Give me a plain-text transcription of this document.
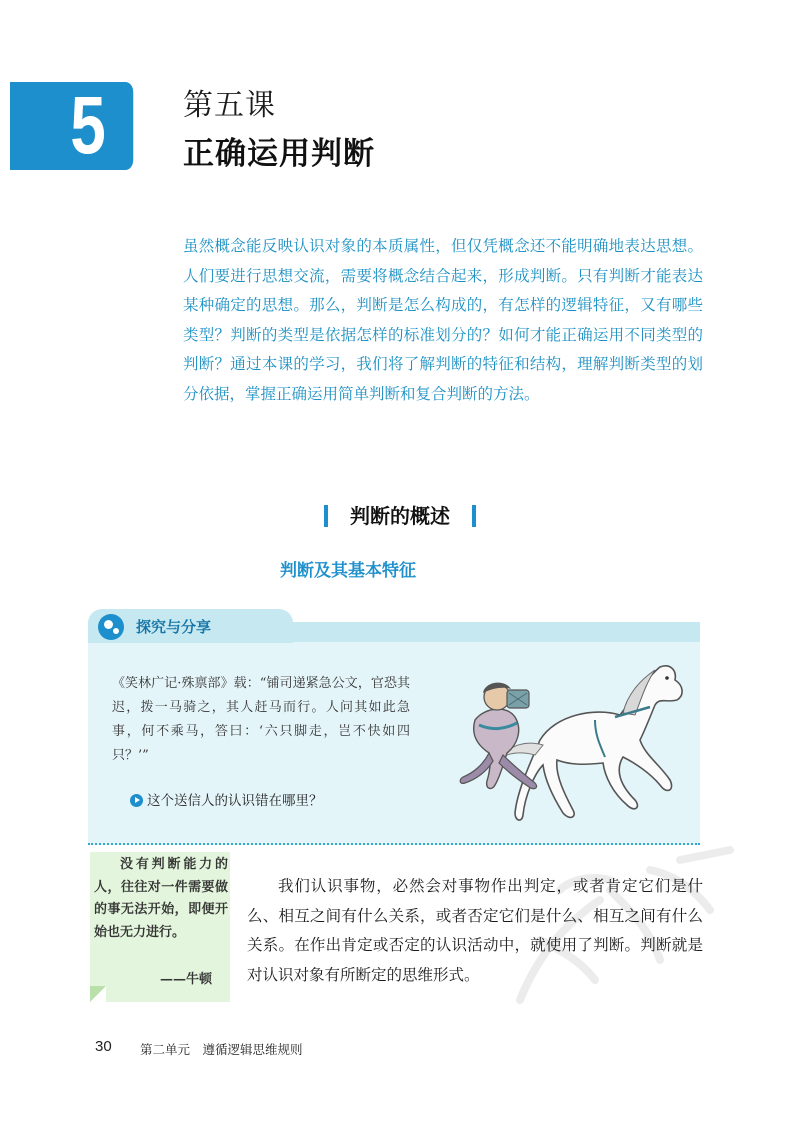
5	第五课
正确运用判断
虽然概念能反映认识对象的本质属性，但仅凭概念还不能明确地表达思想。人们要进行思想交流，需要将概念结合起来，形成判断。只有判断才能表达某种确定的思想。那么，判断是怎么构成的，有怎样的逻辑特征，又有哪些类型？判断的类型是依据怎样的标准划分的？如何才能正确运用不同类型的判断？通过本课的学习，我们将了解判断的特征和结构，理解判断类型的划分依据，掌握正确运用简单判断和复合判断的方法。
判断的概述
判断及其基本特征
探究与分享
《笑林广记·殊禀部》载：“铺司递紧急公文，官恐其迟，拨一马骑之，其人赶马而行。人问其如此急事，何不乘马，答曰：‘六只脚走，岂不快如四只？’”
这个送信人的认识错在哪里？
没有判断能力的人，往往对一件需要做的事无法开始，即便开始也无力进行。
——牛顿
我们认识事物，必然会对事物作出判定，或者肯定它们是什么、相互之间有什么关系，或者否定它们是什么、相互之间有什么关系。在作出肯定或否定的认识活动中，就使用了判断。判断就是对认识对象有所断定的思维形式。
30 第二单元　遵循逻辑思维规则
